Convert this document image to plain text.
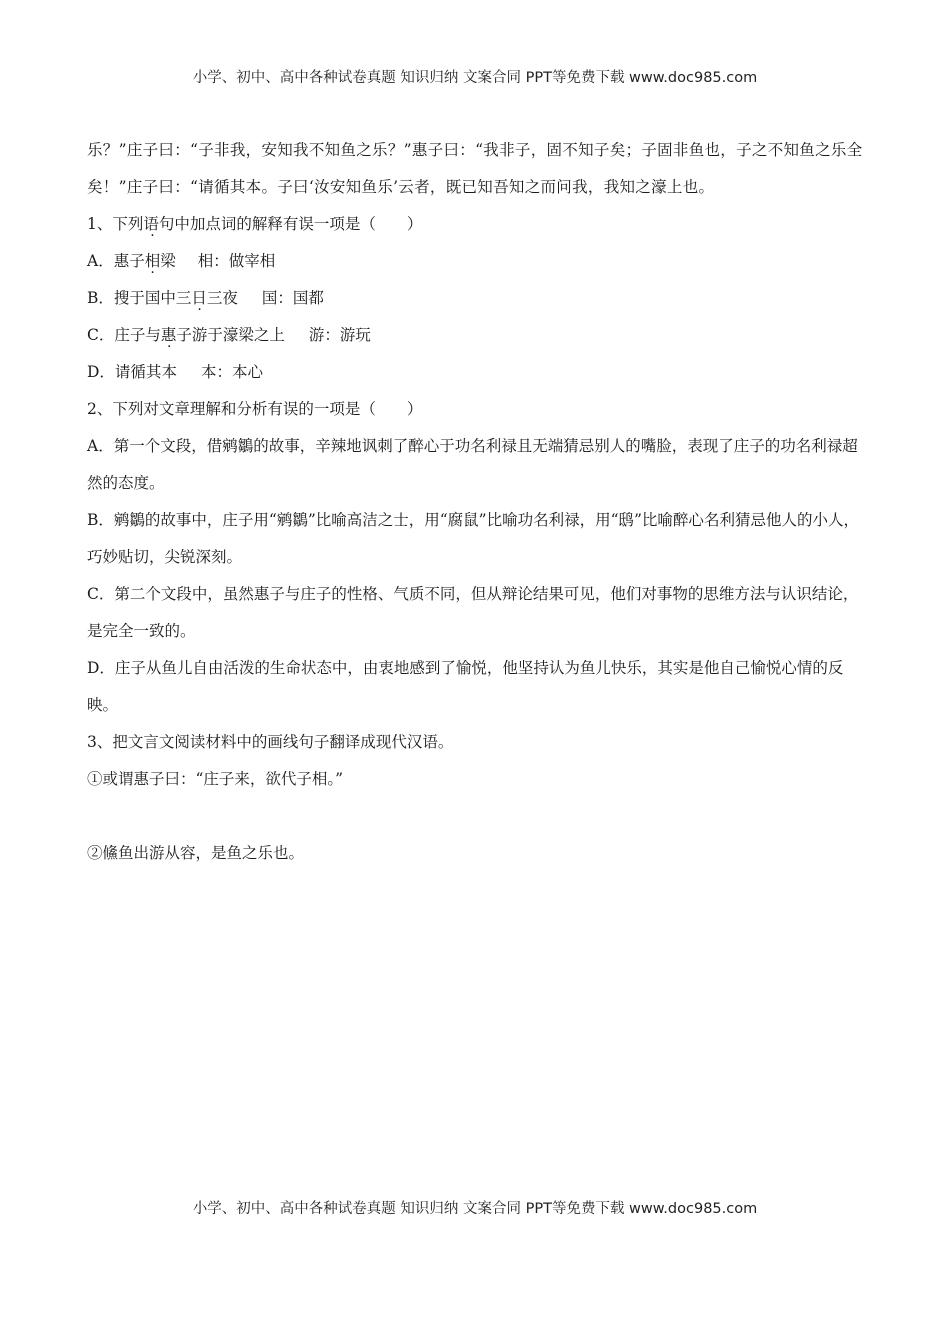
小学、初中、高中各种试卷真题 知识归纳 文案合同 PPT等免费下载 www.doc985.com

乐？”庄子曰：“子非我，安知我不知鱼之乐？”惠子曰：“我非子，固不知子矣；子固非鱼也，子之不知鱼之乐全矣！”庄子曰：“请循其本。子曰‘汝安知鱼乐’云者，既已知吾知之而问我，我知之濠上也。

1、下列语句中加点词的解释有误一项是（　　）

A．惠子相梁 相：做宰相

B．搜于国中三日三夜 国：国都

C．庄子与惠子游于濠梁之上 游：游玩

D．请循其本 本：本心

2、下列对文章理解和分析有误的一项是（　　）

A．第一个文段，借鹓鶵的故事，辛辣地讽刺了醉心于功名利禄且无端猜忌别人的嘴脸，表现了庄子的功名利禄超然的态度。

B．鹓鶵的故事中，庄子用“鹓鶵”比喻高洁之士，用“腐鼠”比喻功名利禄，用“鸱”比喻醉心名利猜忌他人的小人，巧妙贴切，尖锐深刻。

C．第二个文段中，虽然惠子与庄子的性格、气质不同，但从辩论结果可见，他们对事物的思维方法与认识结论，是完全一致的。

D．庄子从鱼儿自由活泼的生命状态中，由衷地感到了愉悦，他坚持认为鱼儿快乐，其实是他自己愉悦心情的反映。

3、把文言文阅读材料中的画线句子翻译成现代汉语。

①或谓惠子曰：“庄子来，欲代子相。”

②鯈鱼出游从容，是鱼之乐也。

小学、初中、高中各种试卷真题 知识归纳 文案合同 PPT等免费下载 www.doc985.com
